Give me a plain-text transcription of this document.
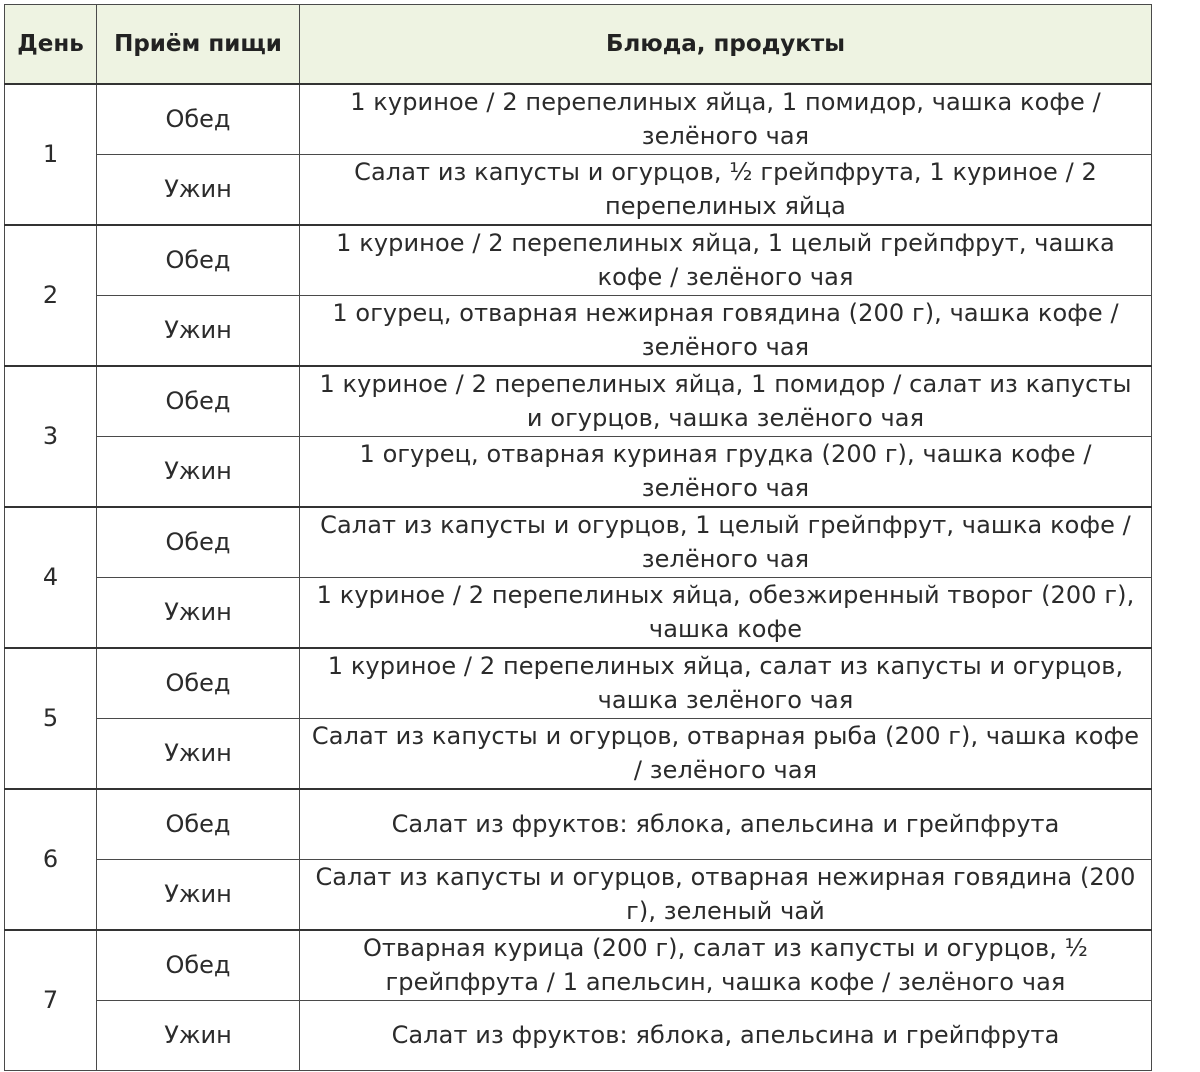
День	Приём пищи	Блюда, продукты
1	Обед	1 куриное / 2 перепелиных яйца, 1 помидор, чашка кофе / зелёного чая
	Ужин	Салат из капусты и огурцов, ½ грейпфрута, 1 куриное / 2 перепелиных яйца
2	Обед	1 куриное / 2 перепелиных яйца, 1 целый грейпфрут, чашка кофе / зелёного чая
	Ужин	1 огурец, отварная нежирная говядина (200 г), чашка кофе / зелёного чая
3	Обед	1 куриное / 2 перепелиных яйца, 1 помидор / салат из капусты и огурцов, чашка зелёного чая
	Ужин	1 огурец, отварная куриная грудка (200 г), чашка кофе / зелёного чая
4	Обед	Салат из капусты и огурцов, 1 целый грейпфрут, чашка кофе / зелёного чая
	Ужин	1 куриное / 2 перепелиных яйца, обезжиренный творог (200 г), чашка кофе
5	Обед	1 куриное / 2 перепелиных яйца, салат из капусты и огурцов, чашка зелёного чая
	Ужин	Салат из капусты и огурцов, отварная рыба (200 г), чашка кофе / зелёного чая
6	Обед	Салат из фруктов: яблока, апельсина и грейпфрута
	Ужин	Салат из капусты и огурцов, отварная нежирная говядина (200 г), зеленый чай
7	Обед	Отварная курица (200 г), салат из капусты и огурцов, ½ грейпфрута / 1 апельсин, чашка кофе / зелёного чая
	Ужин	Салат из фруктов: яблока, апельсина и грейпфрута
